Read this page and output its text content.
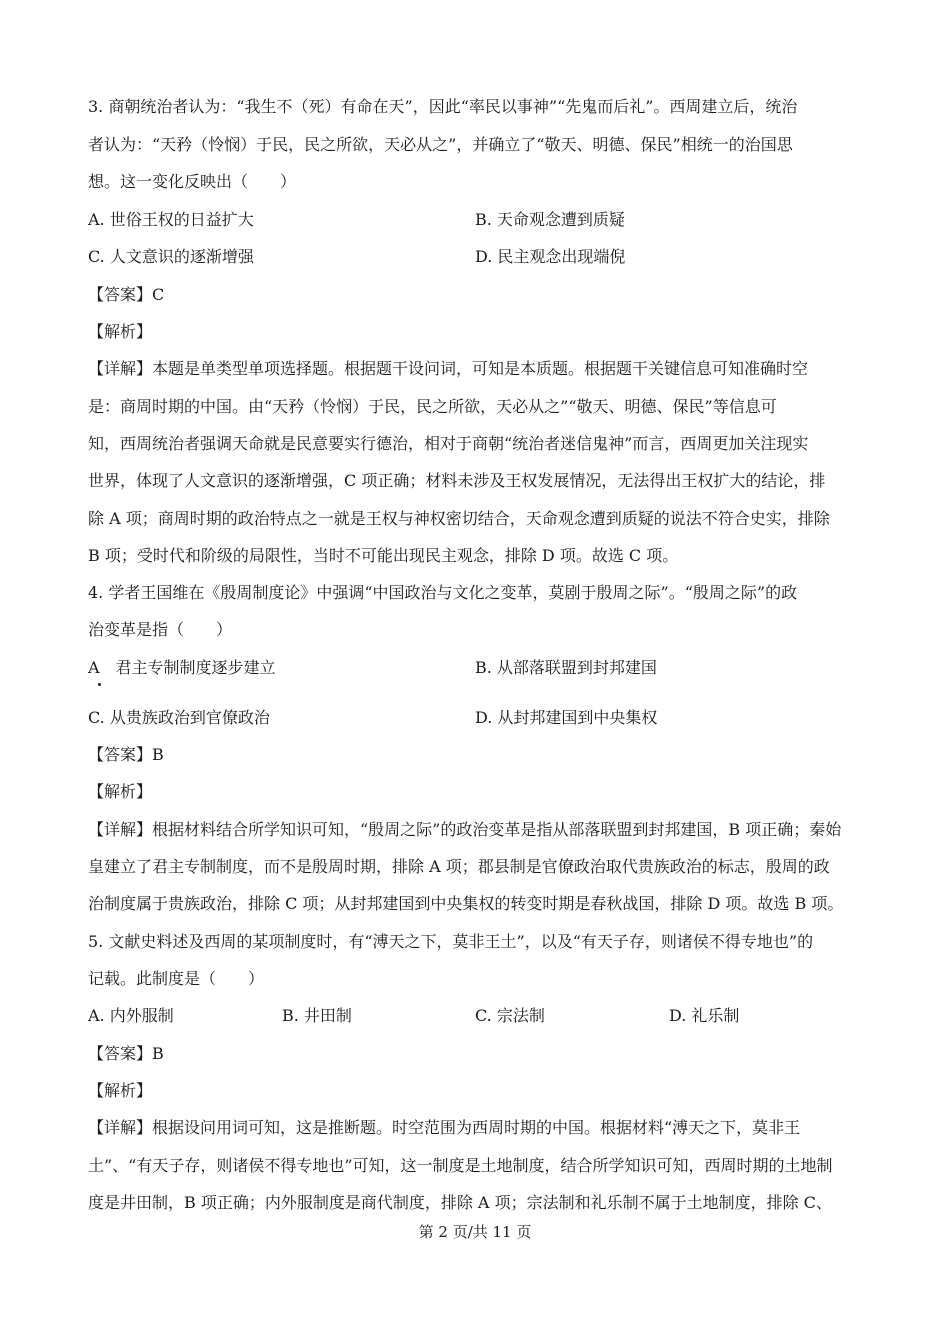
3. 商朝统治者认为：“我生不（死）有命在天”，因此“率民以事神”“先鬼而后礼”。西周建立后，统治
者认为：“天矜（怜悯）于民，民之所欲，天必从之”，并确立了“敬天、明德、保民”相统一的治国思
想。这一变化反映出（　　）
A. 世俗王权的日益扩大	B. 天命观念遭到质疑
C. 人文意识的逐渐增强	D. 民主观念出现端倪
【答案】C
【解析】
【详解】本题是单类型单项选择题。根据题干设问词，可知是本质题。根据题干关键信息可知准确时空
是：商周时期的中国。由“天矜（怜悯）于民，民之所欲，天必从之”“敬天、明德、保民”等信息可
知，西周统治者强调天命就是民意要实行德治，相对于商朝“统治者迷信鬼神”而言，西周更加关注现实
世界，体现了人文意识的逐渐增强，C 项正确；材料未涉及王权发展情况，无法得出王权扩大的结论，排
除 A 项；商周时期的政治特点之一就是王权与神权密切结合，天命观念遭到质疑的说法不符合史实，排除
B 项；受时代和阶级的局限性，当时不可能出现民主观念，排除 D 项。故选 C 项。
4. 学者王国维在《殷周制度论》中强调“中国政治与文化之变革，莫剧于殷周之际”。“殷周之际”的政
治变革是指（　　）
A　君主专制制度逐步建立	B. 从部落联盟到封邦建国
C. 从贵族政治到官僚政治	D. 从封邦建国到中央集权
【答案】B
【解析】
【详解】根据材料结合所学知识可知，“殷周之际”的政治变革是指从部落联盟到封邦建国，B 项正确；秦始
皇建立了君主专制制度，而不是殷周时期，排除 A 项；郡县制是官僚政治取代贵族政治的标志，殷周的政
治制度属于贵族政治，排除 C 项；从封邦建国到中央集权的转变时期是春秋战国，排除 D 项。故选 B 项。
5. 文献史料述及西周的某项制度时，有“溥天之下，莫非王土”，以及“有天子存，则诸侯不得专地也”的
记载。此制度是（　　）
A. 内外服制	B. 井田制	C. 宗法制	D. 礼乐制
【答案】B
【解析】
【详解】根据设问用词可知，这是推断题。时空范围为西周时期的中国。根据材料“溥天之下，莫非王
土”、“有天子存，则诸侯不得专地也”可知，这一制度是土地制度，结合所学知识可知，西周时期的土地制
度是井田制，B 项正确；内外服制度是商代制度，排除 A 项；宗法制和礼乐制不属于土地制度，排除 C、
第 2 页/共 11 页
